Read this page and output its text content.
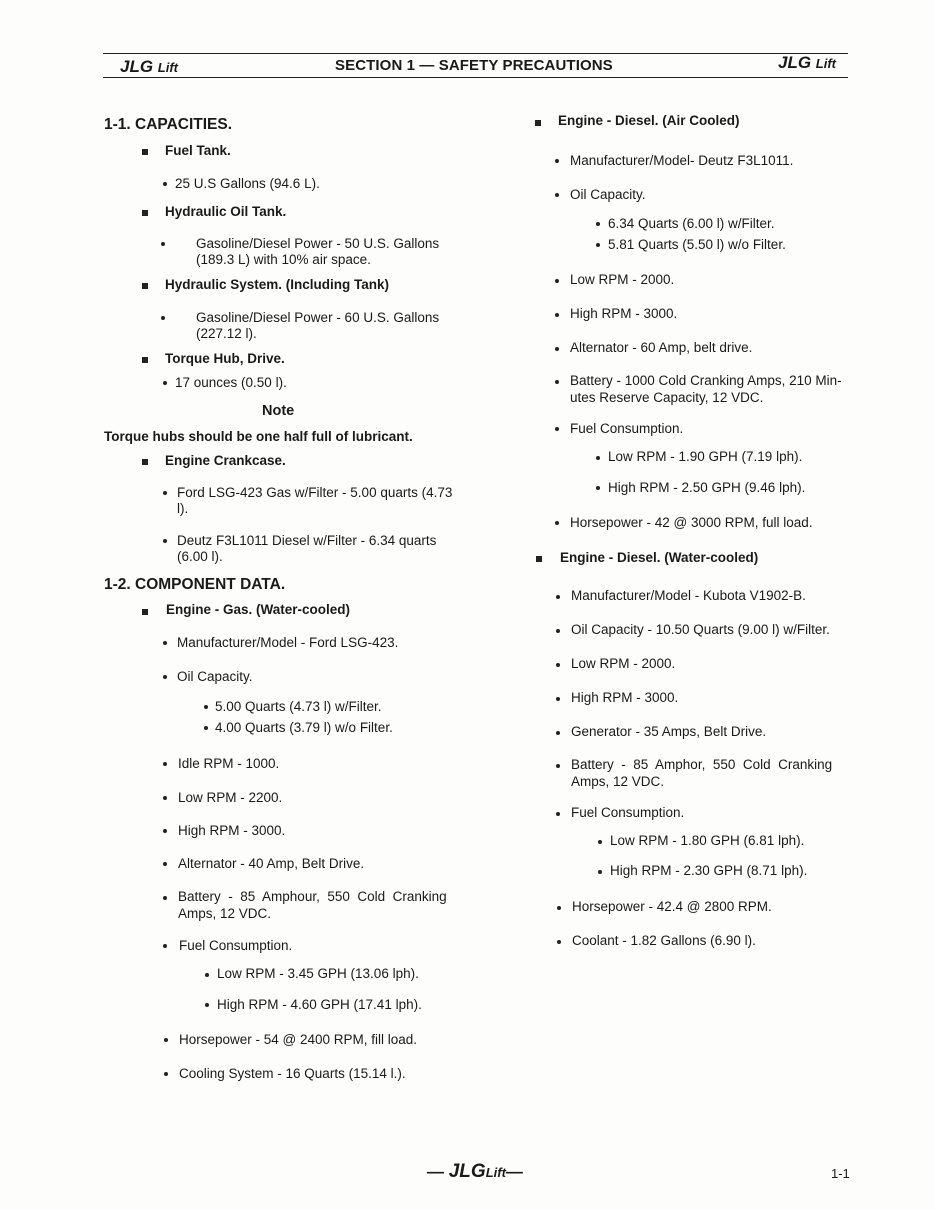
JLG Lift	SECTION 1 — SAFETY PRECAUTIONS	JLG Lift
1-1. CAPACITIES.
Fuel Tank.
25 U.S Gallons (94.6 L).
Hydraulic Oil Tank.
Gasoline/Diesel Power - 50 U.S. Gallons
(189.3 L) with 10% air space.
Hydraulic System. (Including Tank)
Gasoline/Diesel Power - 60 U.S. Gallons
(227.12 l).
Torque Hub, Drive.
17 ounces (0.50 l).
Note
Torque hubs should be one half full of lubricant.
Engine Crankcase.
Ford LSG-423 Gas w/Filter - 5.00 quarts (4.73
l).
Deutz F3L1011 Diesel w/Filter - 6.34 quarts
(6.00 l).
1-2. COMPONENT DATA.
Engine - Gas. (Water-cooled)
Manufacturer/Model - Ford LSG-423.
Oil Capacity.
5.00 Quarts (4.73 l) w/Filter.
4.00 Quarts (3.79 l) w/o Filter.
Idle RPM - 1000.
Low RPM - 2200.
High RPM - 3000.
Alternator - 40 Amp, Belt Drive.
Battery  -  85  Amphour,  550  Cold  Cranking
Amps, 12 VDC.
Fuel Consumption.
Low RPM - 3.45 GPH (13.06 lph).
High RPM - 4.60 GPH (17.41 lph).
Horsepower - 54 @ 2400 RPM, fill load.
Cooling System - 16 Quarts (15.14 l.).
Engine - Diesel. (Air Cooled)
Manufacturer/Model- Deutz F3L1011.
Oil Capacity.
6.34 Quarts (6.00 l) w/Filter.
5.81 Quarts (5.50 l) w/o Filter.
Low RPM - 2000.
High RPM - 3000.
Alternator - 60 Amp, belt drive.
Battery - 1000 Cold Cranking Amps, 210 Min-
utes Reserve Capacity, 12 VDC.
Fuel Consumption.
Low RPM - 1.90 GPH (7.19 lph).
High RPM - 2.50 GPH (9.46 lph).
Horsepower - 42 @ 3000 RPM, full load.
Engine - Diesel. (Water-cooled)
Manufacturer/Model - Kubota V1902-B.
Oil Capacity - 10.50 Quarts (9.00 l) w/Filter.
Low RPM - 2000.
High RPM - 3000.
Generator - 35 Amps, Belt Drive.
Battery  -  85  Amphor,  550  Cold  Cranking
Amps, 12 VDC.
Fuel Consumption.
Low RPM - 1.80 GPH (6.81 lph).
High RPM - 2.30 GPH (8.71 lph).
Horsepower - 42.4 @ 2800 RPM.
Coolant - 1.82 Gallons (6.90 l).
— JLGLift—	1-1
